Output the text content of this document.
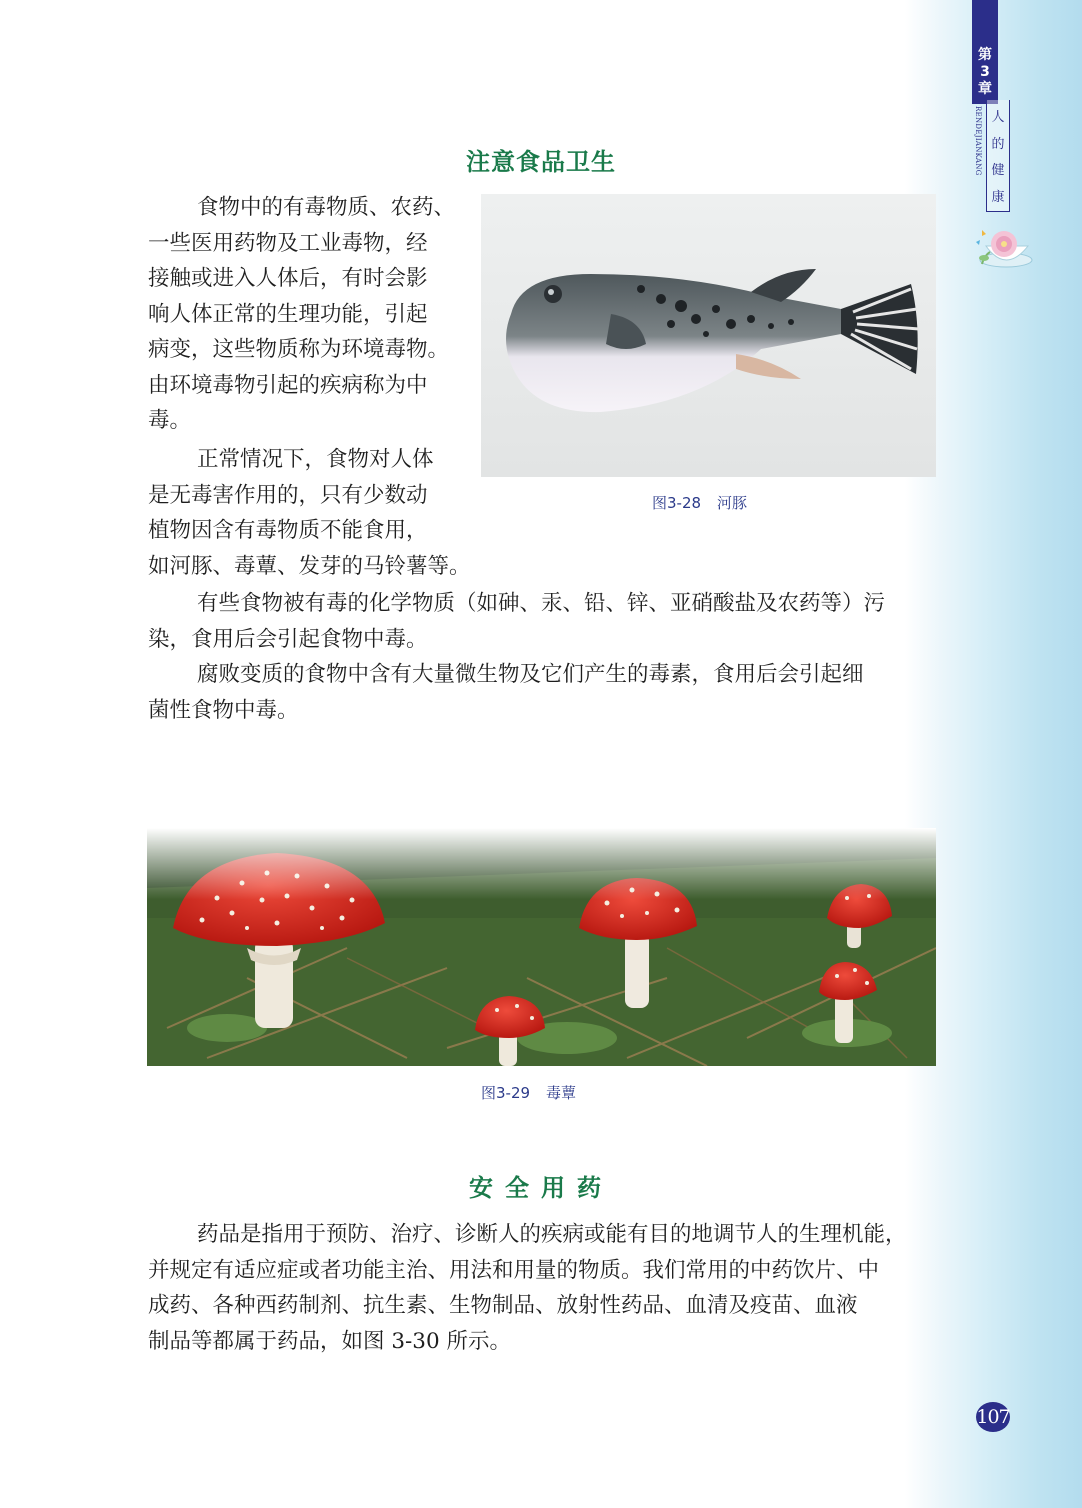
第
3
章
RENDEJIANKANG 人
的
健
康
注意食品卫生
食物中的有毒物质、农药、
一些医用药物及工业毒物，经
接触或进入人体后，有时会影
响人体正常的生理功能，引起
病变，这些物质称为环境毒物。
由环境毒物引起的疾病称为中
毒。
正常情况下，食物对人体
是无毒害作用的，只有少数动
植物因含有毒物质不能食用，
如河豚、毒蕈、发芽的马铃薯等。
图3-28 河豚
有些食物被有毒的化学物质（如砷、汞、铅、锌、亚硝酸盐及农药等）污
染，食用后会引起食物中毒。
腐败变质的食物中含有大量微生物及它们产生的毒素，食用后会引起细
菌性食物中毒。
图3-29 毒蕈
安全用药
药品是指用于预防、治疗、诊断人的疾病或能有目的地调节人的生理机能，
并规定有适应症或者功能主治、用法和用量的物质。我们常用的中药饮片、中
成药、各种西药制剂、抗生素、生物制品、放射性药品、血清及疫苗、血液
制品等都属于药品，如图 3-30 所示。
107
